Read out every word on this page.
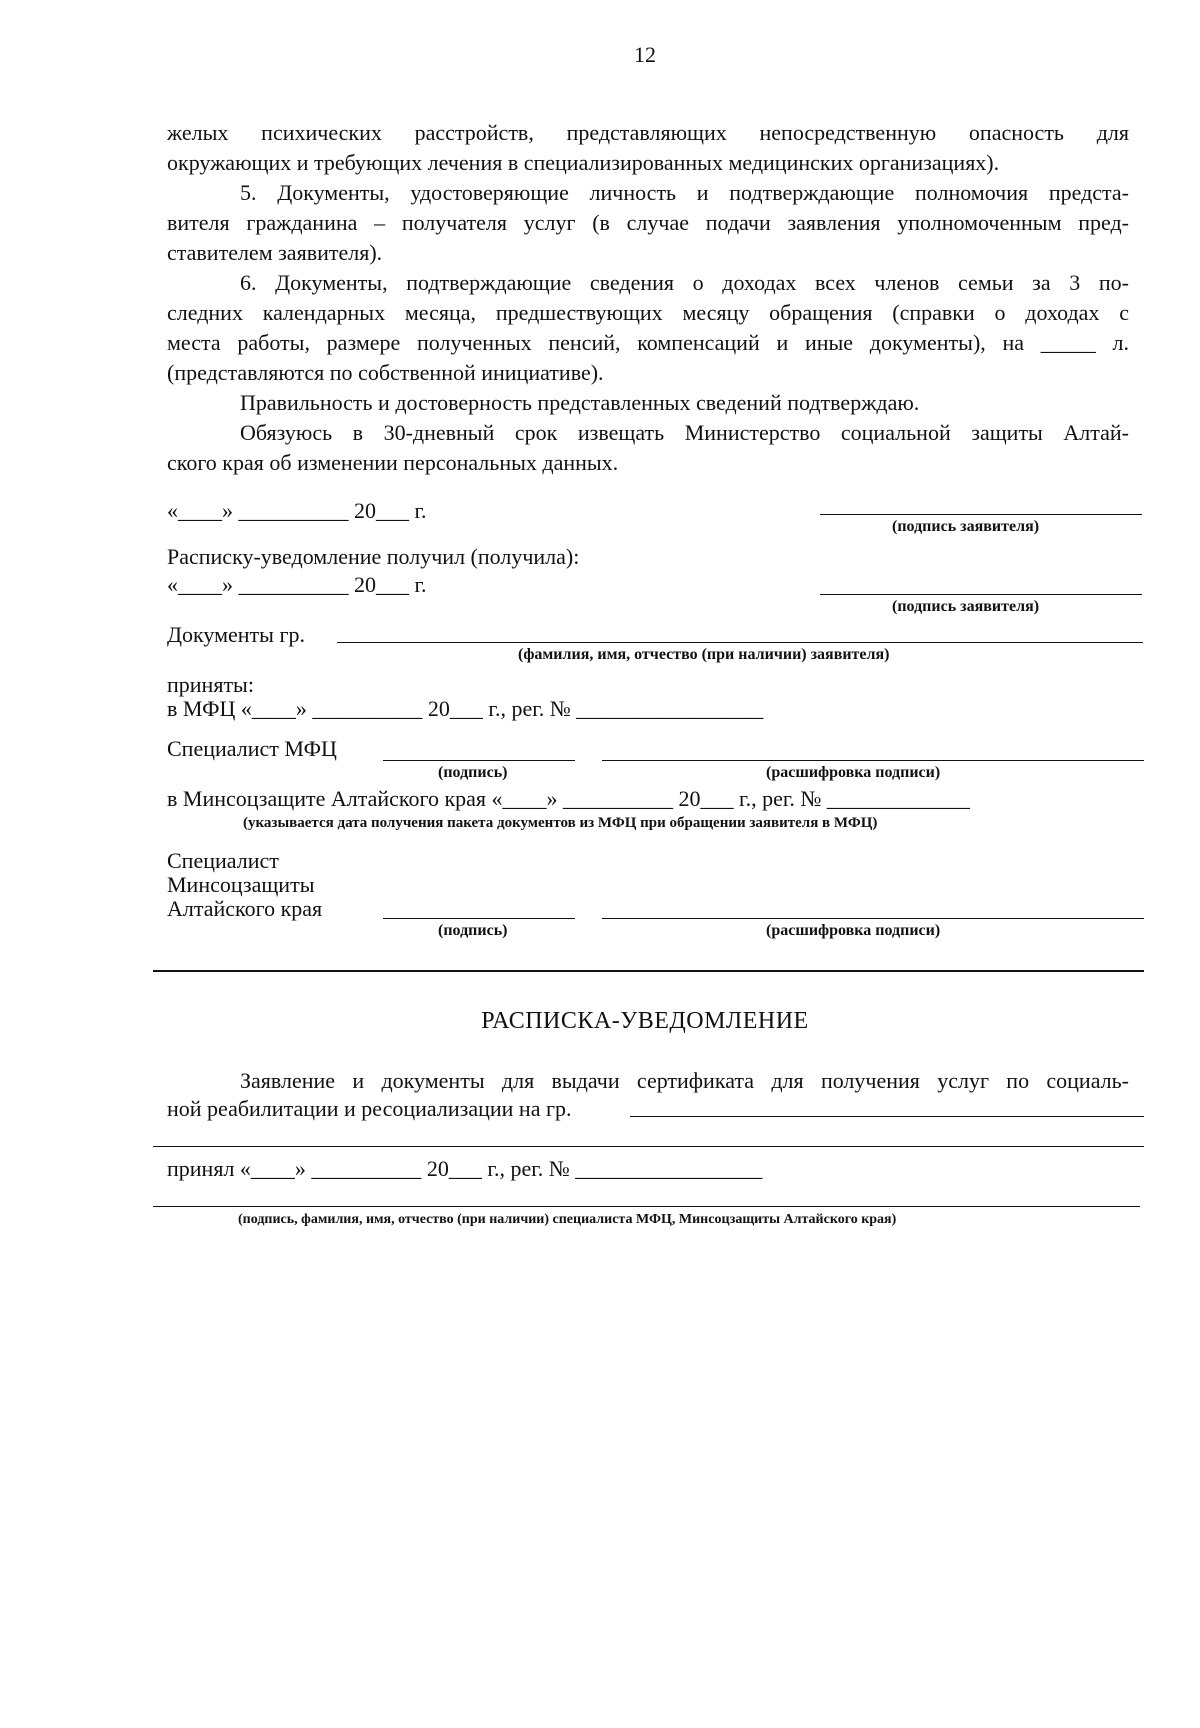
12
желых психических расстройств, представляющих непосредственную опасность для
окружающих и требующих лечения в специализированных медицинских организациях).
5. Документы, удостоверяющие личность и подтверждающие полномочия предста-
вителя гражданина – получателя услуг (в случае подачи заявления уполномоченным пред-
ставителем заявителя).
6. Документы, подтверждающие сведения о доходах всех членов семьи за 3 по-
следних календарных месяца, предшествующих месяцу обращения (справки о доходах с
места работы, размере полученных пенсий, компенсаций и иные документы), на _____ л.
(представляются по собственной инициативе).
Правильность и достоверность представленных сведений подтверждаю.
Обязуюсь в 30-дневный срок извещать Министерство социальной защиты Алтай-
ского края об изменении персональных данных.
«____» __________ 20___ г.
(подпись заявителя)
Расписку-уведомление получил (получила):
«____» __________ 20___ г.
(подпись заявителя)
Документы гр.
(фамилия, имя, отчество (при наличии) заявителя)
приняты:
в МФЦ «____» __________ 20___ г., рег. № _________________
Специалист МФЦ
(подпись)	(расшифровка подписи)
в Минсоцзащите Алтайского края «____» __________ 20___ г., рег. № _____________
(указывается дата получения пакета документов из МФЦ при обращении заявителя в МФЦ)
Специалист
Минсоцзащиты
Алтайского края
(подпись)	(расшифровка подписи)
РАСПИСКА-УВЕДОМЛЕНИЕ
Заявление и документы для выдачи сертификата для получения услуг по социаль-
ной реабилитации и ресоциализации на гр.
принял «____» __________ 20___ г., рег. № _________________
(подпись, фамилия, имя, отчество (при наличии) специалиста МФЦ, Минсоцзащиты Алтайского края)
